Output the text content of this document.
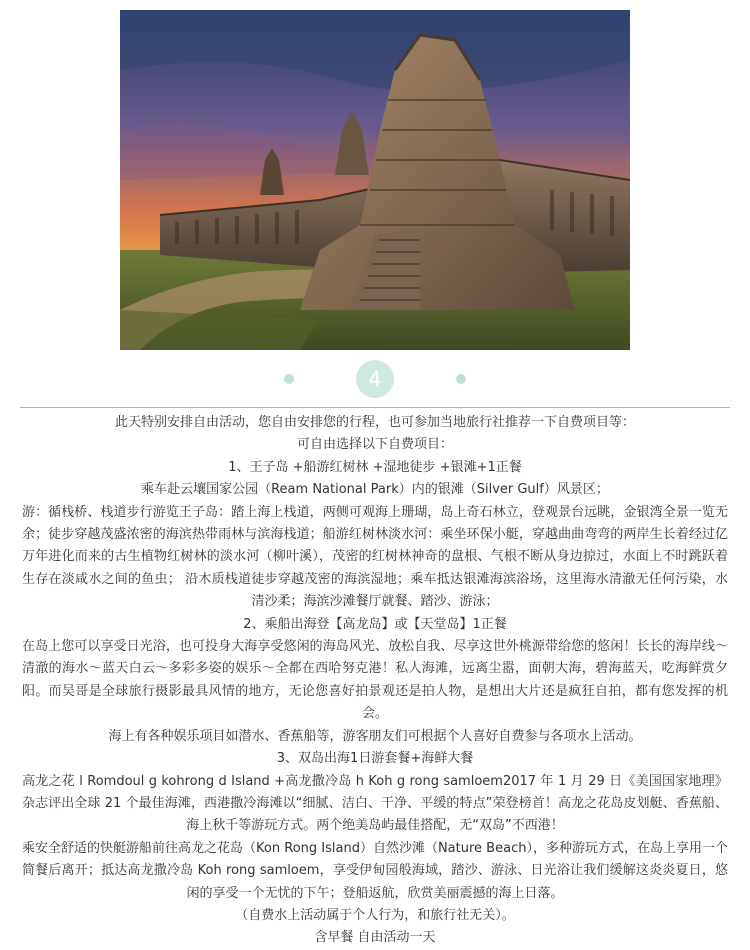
4

此天特别安排自由活动，您自由安排您的行程，也可参加当地旅行社推荐一下自费项目等：

可自由选择以下自费项目：

1、王子岛 +船游红树林 +湿地徒步 +银滩+1正餐

乘车赴云壤国家公园（Ream National Park）内的银滩（Silver Gulf）风景区；

游：循栈桥、栈道步行游览王子岛：踏上海上栈道，两侧可观海上珊瑚，岛上奇石林立，登观景台远眺，金银湾全景一览无余；徒步穿越茂盛浓密的海滨热带雨林与滨海栈道；船游红树林淡水河：乘坐环保小艇，穿越曲曲弯弯的两岸生长着经过亿万年进化而来的古生植物红树林的淡水河（柳叶溪），茂密的红树林神奇的盘根、气根不断从身边掠过，水面上不时跳跃着生存在淡咸水之间的鱼虫； 沿木质栈道徒步穿越茂密的海滨湿地；乘车抵达银滩海滨浴场，这里海水清澈无任何污染，水清沙柔；海滨沙滩餐厅就餐、踏沙、游泳；

2、乘船出海登【高龙岛】或【天堂岛】1正餐

在岛上您可以享受日光浴，也可投身大海享受悠闲的海岛风光、放松自我、尽享这世外桃源带给您的悠闲！长长的海岸线～清澈的海水～蓝天白云～多彩多姿的娱乐～全都在西哈努克港！私人海滩，远离尘嚣，面朝大海，碧海蓝天，吃海鲜赏夕阳。而吴哥是全球旅行摄影最具风情的地方，无论您喜好拍景观还是拍人物，是想出大片还是疯狂自拍，都有您发挥的机会。

海上有各种娱乐项目如潜水、香蕉船等，游客朋友们可根据个人喜好自费参与各项水上活动。

3、双岛出海1日游套餐+海鲜大餐

高龙之花 l Romdoul g kohrong d Island +高龙撒冷岛 h Koh g rong samloem2017 年 1 月 29 日《美国国家地理》杂志评出全球 21 个最佳海滩，西港撒冷海滩以“细腻、洁白、干净、平缓的特点”荣登榜首！高龙之花岛皮划艇、香蕉船、海上秋千等游玩方式。两个绝美岛屿最佳搭配，无“双岛”不西港！

乘安全舒适的快艇游船前往高龙之花岛（Kon Rong Island）自然沙滩（Nature Beach），多种游玩方式，在岛上享用一个简餐后离开；抵达高龙撒冷岛 Koh rong samloem，享受伊甸园般海域，踏沙、游泳、日光浴让我们缓解这炎炎夏日，悠闲的享受一个无忧的下午；登船返航，欣赏美丽震撼的海上日落。

（自费水上活动属于个人行为，和旅行社无关）。

含早餐 自由活动一天
